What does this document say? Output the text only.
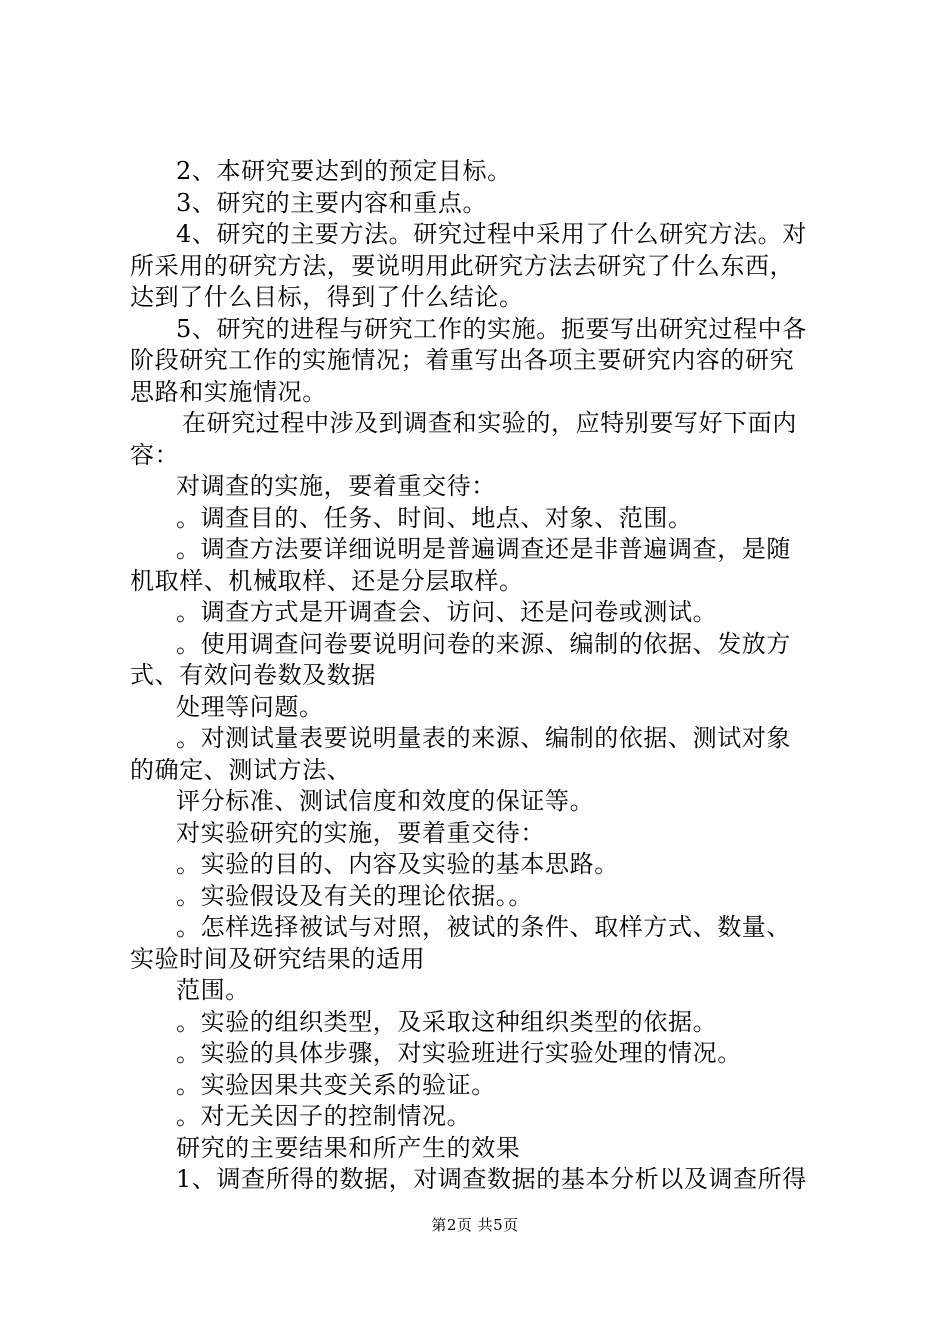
2、本研究要达到的预定目标。
3、研究的主要内容和重点。
4、研究的主要方法。研究过程中采用了什么研究方法。对
所采用的研究方法，要说明用此研究方法去研究了什么东西，
达到了什么目标，得到了什么结论。
5、研究的进程与研究工作的实施。扼要写出研究过程中各
阶段研究工作的实施情况；着重写出各项主要研究内容的研究
思路和实施情况。
在研究过程中涉及到调查和实验的，应特别要写好下面内
容：
对调查的实施，要着重交待：
。调查目的、任务、时间、地点、对象、范围。
。调查方法要详细说明是普遍调查还是非普遍调查，是随
机取样、机械取样、还是分层取样。
。调查方式是开调查会、访问、还是问卷或测试。
。使用调查问卷要说明问卷的来源、编制的依据、发放方
式、有效问卷数及数据
处理等问题。
。对测试量表要说明量表的来源、编制的依据、测试对象
的确定、测试方法、
评分标准、测试信度和效度的保证等。
对实验研究的实施，要着重交待：
。实验的目的、内容及实验的基本思路。
。实验假设及有关的理论依据。。
。怎样选择被试与对照，被试的条件、取样方式、数量、
实验时间及研究结果的适用
范围。
。实验的组织类型，及采取这种组织类型的依据。
。实验的具体步骤，对实验班进行实验处理的情况。
。实验因果共变关系的验证。
。对无关因子的控制情况。
研究的主要结果和所产生的效果
1、调查所得的数据，对调查数据的基本分析以及调查所得
第2页 共5页
